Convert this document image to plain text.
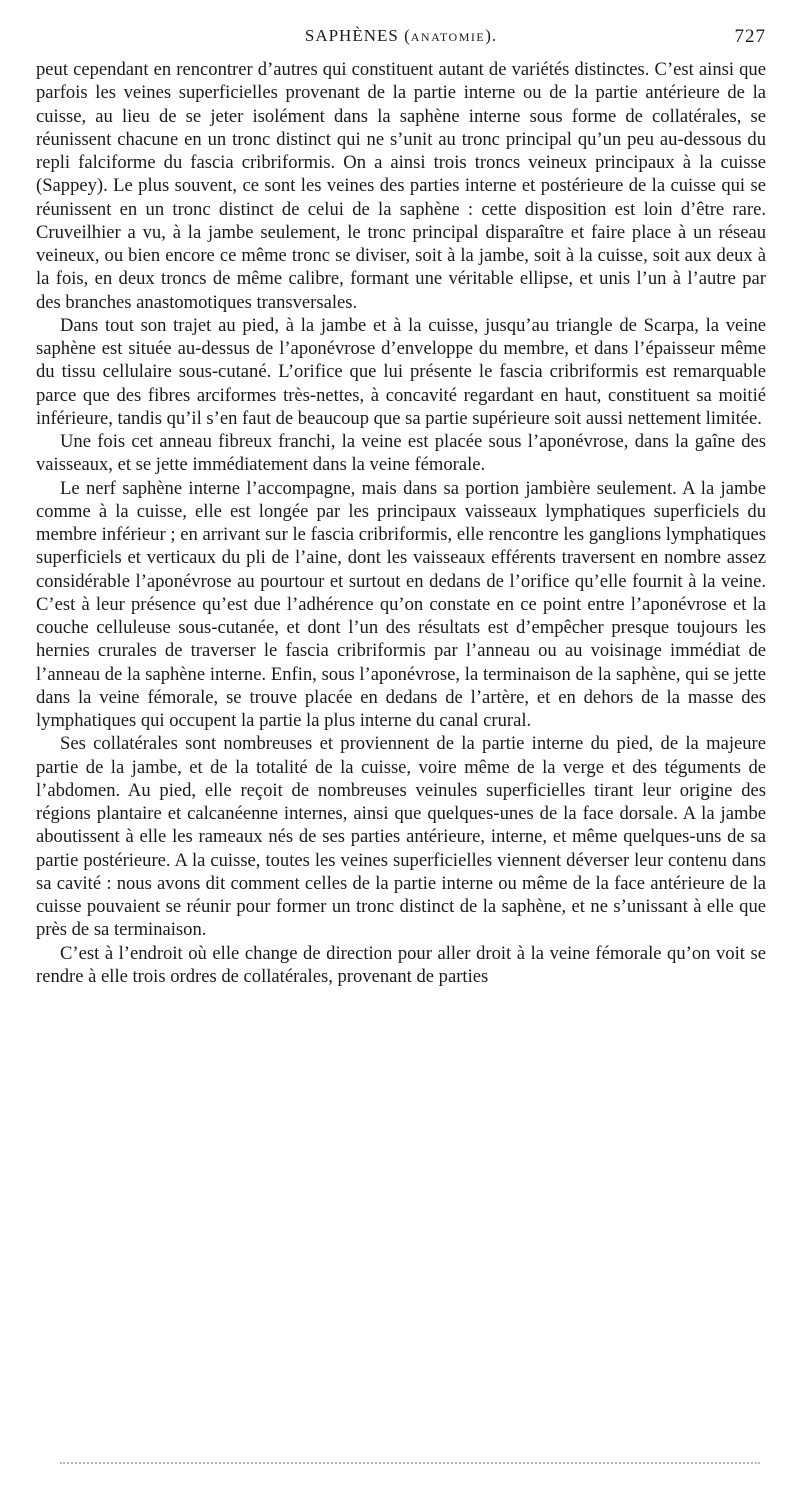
SAPHÈNES (ANATOMIE).	727

peut cependant en rencontrer d’autres qui constituent autant de variétés distinctes. C’est ainsi que parfois les veines superficielles provenant de la partie interne ou de la partie antérieure de la cuisse, au lieu de se jeter isolément dans la saphène interne sous forme de collatérales, se réunissent chacune en un tronc distinct qui ne s’unit au tronc principal qu’un peu au-dessous du repli falciforme du fascia cribriformis. On a ainsi trois troncs veineux principaux à la cuisse (Sappey). Le plus souvent, ce sont les veines des parties interne et postérieure de la cuisse qui se réunissent en un tronc distinct de celui de la saphène : cette disposition est loin d’être rare. Cruveilhier a vu, à la jambe seulement, le tronc principal disparaître et faire place à un réseau veineux, ou bien encore ce même tronc se diviser, soit à la jambe, soit à la cuisse, soit aux deux à la fois, en deux troncs de même calibre, formant une véritable ellipse, et unis l’un à l’autre par des branches anastomotiques transversales.

Dans tout son trajet au pied, à la jambe et à la cuisse, jusqu’au triangle de Scarpa, la veine saphène est située au-dessus de l’aponévrose d’enveloppe du membre, et dans l’épaisseur même du tissu cellulaire sous-cutané. L’orifice que lui présente le fascia cribriformis est remarquable parce que des fibres arciformes très-nettes, à concavité regardant en haut, constituent sa moitié inférieure, tandis qu’il s’en faut de beaucoup que sa partie supérieure soit aussi nettement limitée.

Une fois cet anneau fibreux franchi, la veine est placée sous l’aponévrose, dans la gaîne des vaisseaux, et se jette immédiatement dans la veine fémorale.

Le nerf saphène interne l’accompagne, mais dans sa portion jambière seulement. A la jambe comme à la cuisse, elle est longée par les principaux vaisseaux lymphatiques superficiels du membre inférieur ; en arrivant sur le fascia cribriformis, elle rencontre les ganglions lymphatiques superficiels et verticaux du pli de l’aine, dont les vaisseaux efférents traversent en nombre assez considérable l’aponévrose au pourtour et surtout en dedans de l’orifice qu’elle fournit à la veine. C’est à leur présence qu’est due l’adhérence qu’on constate en ce point entre l’aponévrose et la couche celluleuse sous-cutanée, et dont l’un des résultats est d’empêcher presque toujours les hernies crurales de traverser le fascia cribriformis par l’anneau ou au voisinage immédiat de l’anneau de la saphène interne. Enfin, sous l’aponévrose, la terminaison de la saphène, qui se jette dans la veine fémorale, se trouve placée en dedans de l’artère, et en dehors de la masse des lymphatiques qui occupent la partie la plus interne du canal crural.

Ses collatérales sont nombreuses et proviennent de la partie interne du pied, de la majeure partie de la jambe, et de la totalité de la cuisse, voire même de la verge et des téguments de l’abdomen. Au pied, elle reçoit de nombreuses veinules superficielles tirant leur origine des régions plantaire et calcanéenne internes, ainsi que quelques-unes de la face dorsale. A la jambe aboutissent à elle les rameaux nés de ses parties antérieure, interne, et même quelques-uns de sa partie postérieure. A la cuisse, toutes les veines superficielles viennent déverser leur contenu dans sa cavité : nous avons dit comment celles de la partie interne ou même de la face antérieure de la cuisse pouvaient se réunir pour former un tronc distinct de la saphène, et ne s’unissant à elle que près de sa terminaison.

C’est à l’endroit où elle change de direction pour aller droit à la veine fémorale qu’on voit se rendre à elle trois ordres de collatérales, provenant de parties
